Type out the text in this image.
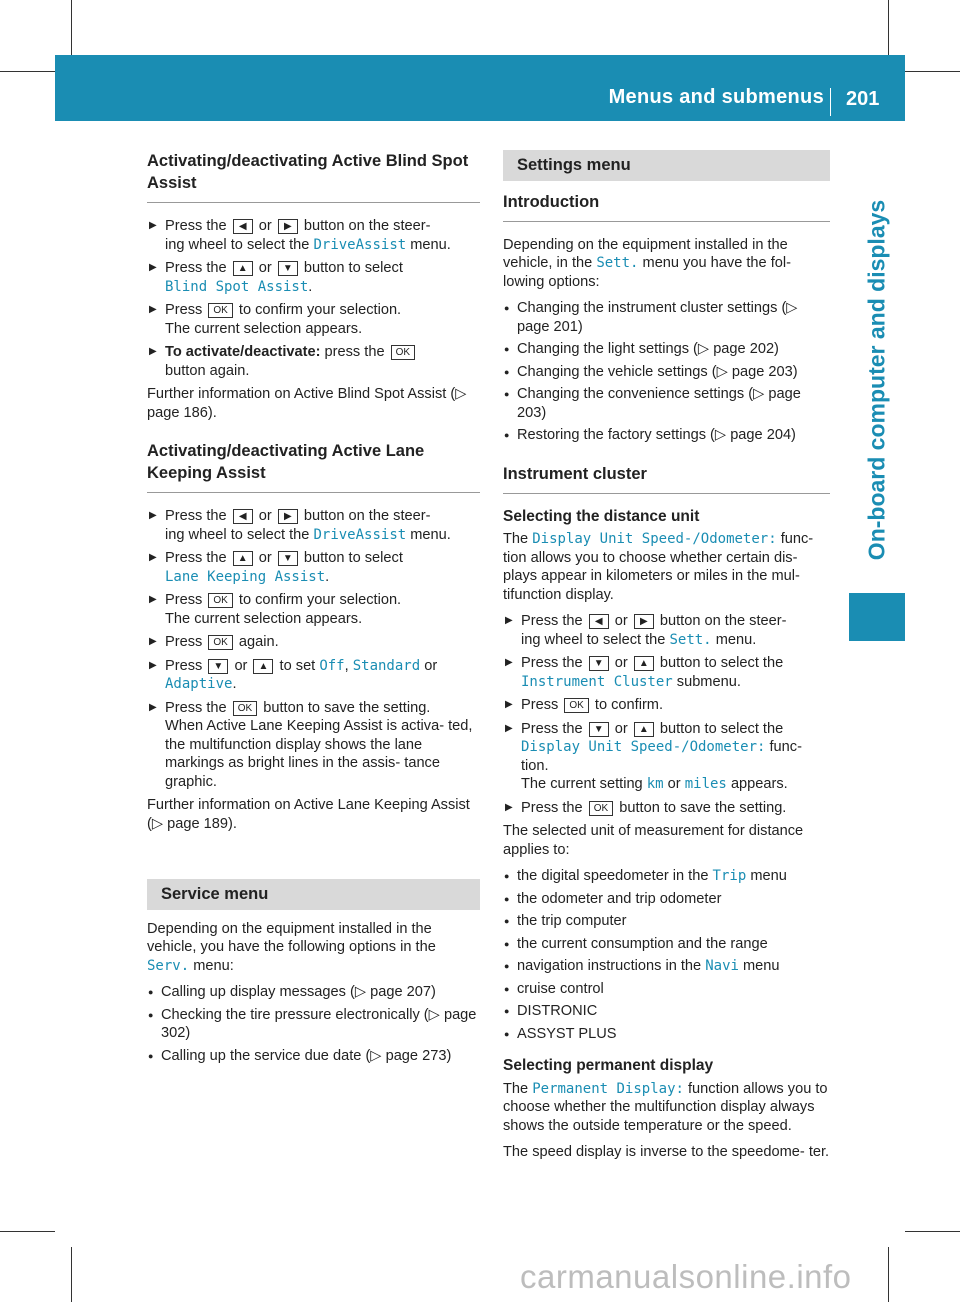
Menus and submenus 201
On-board computer and displays
Activating/deactivating Active Blind Spot Assist
▶ Press the ◀ or ▶ button on the steer-
ing wheel to select the DriveAssist menu.
▶ Press the ▲ or ▼ button to select
Blind Spot Assist.
▶ Press OK to confirm your selection.
The current selection appears.
▶ To activate/deactivate: press the OK
button again.

Further information on Active Blind Spot Assist (▷ page 186).

Activating/deactivating Active Lane Keeping Assist
▶ Press the ◀ or ▶ button on the steer-
ing wheel to select the DriveAssist menu.
▶ Press the ▲ or ▼ button to select
Lane Keeping Assist.
▶ Press OK to confirm your selection.
The current selection appears.
▶ Press OK again.
▶ Press ▼ or ▲ to set Off, Standard or
Adaptive.
▶ Press the OK button to save the setting.
When Active Lane Keeping Assist is activa- ted, the multifunction display shows the lane markings as bright lines in the assis- tance graphic.

Further information on Active Lane Keeping Assist (▷ page 189).

Service menu

Depending on the equipment installed in the vehicle, you have the following options in the Serv. menu:

● Calling up display messages (▷ page 207)
● Checking the tire pressure electronically (▷ page 302)
● Calling up the service due date (▷ page 273)
Settings menu
Introduction

Depending on the equipment installed in the vehicle, in the Sett. menu you have the fol- lowing options:

● Changing the instrument cluster settings (▷ page 201)
● Changing the light settings (▷ page 202)
● Changing the vehicle settings (▷ page 203)
● Changing the convenience settings (▷ page 203)
● Restoring the factory settings (▷ page 204)
Instrument cluster
Selecting the distance unit

The Display Unit Speed-/Odometer: func- tion allows you to choose whether certain dis- plays appear in kilometers or miles in the mul- tifunction display.

▶ Press the ◀ or ▶ button on the steer-
ing wheel to select the Sett. menu.
▶ Press the ▼ or ▲ button to select the
Instrument Cluster submenu.
▶ Press OK to confirm.
▶ Press the ▼ or ▲ button to select the
Display Unit Speed-/Odometer: func- tion.
The current setting km or miles appears.
▶ Press the OK button to save the setting.

The selected unit of measurement for distance applies to:

● the digital speedometer in the Trip menu
● the odometer and trip odometer
● the trip computer
● the current consumption and the range
● navigation instructions in the Navi menu
● cruise control
● DISTRONIC
● ASSYST PLUS
Selecting permanent display

The Permanent Display: function allows you to choose whether the multifunction display always shows the outside temperature or the speed.

The speed display is inverse to the speedome- ter.

carmanualsonline.info
